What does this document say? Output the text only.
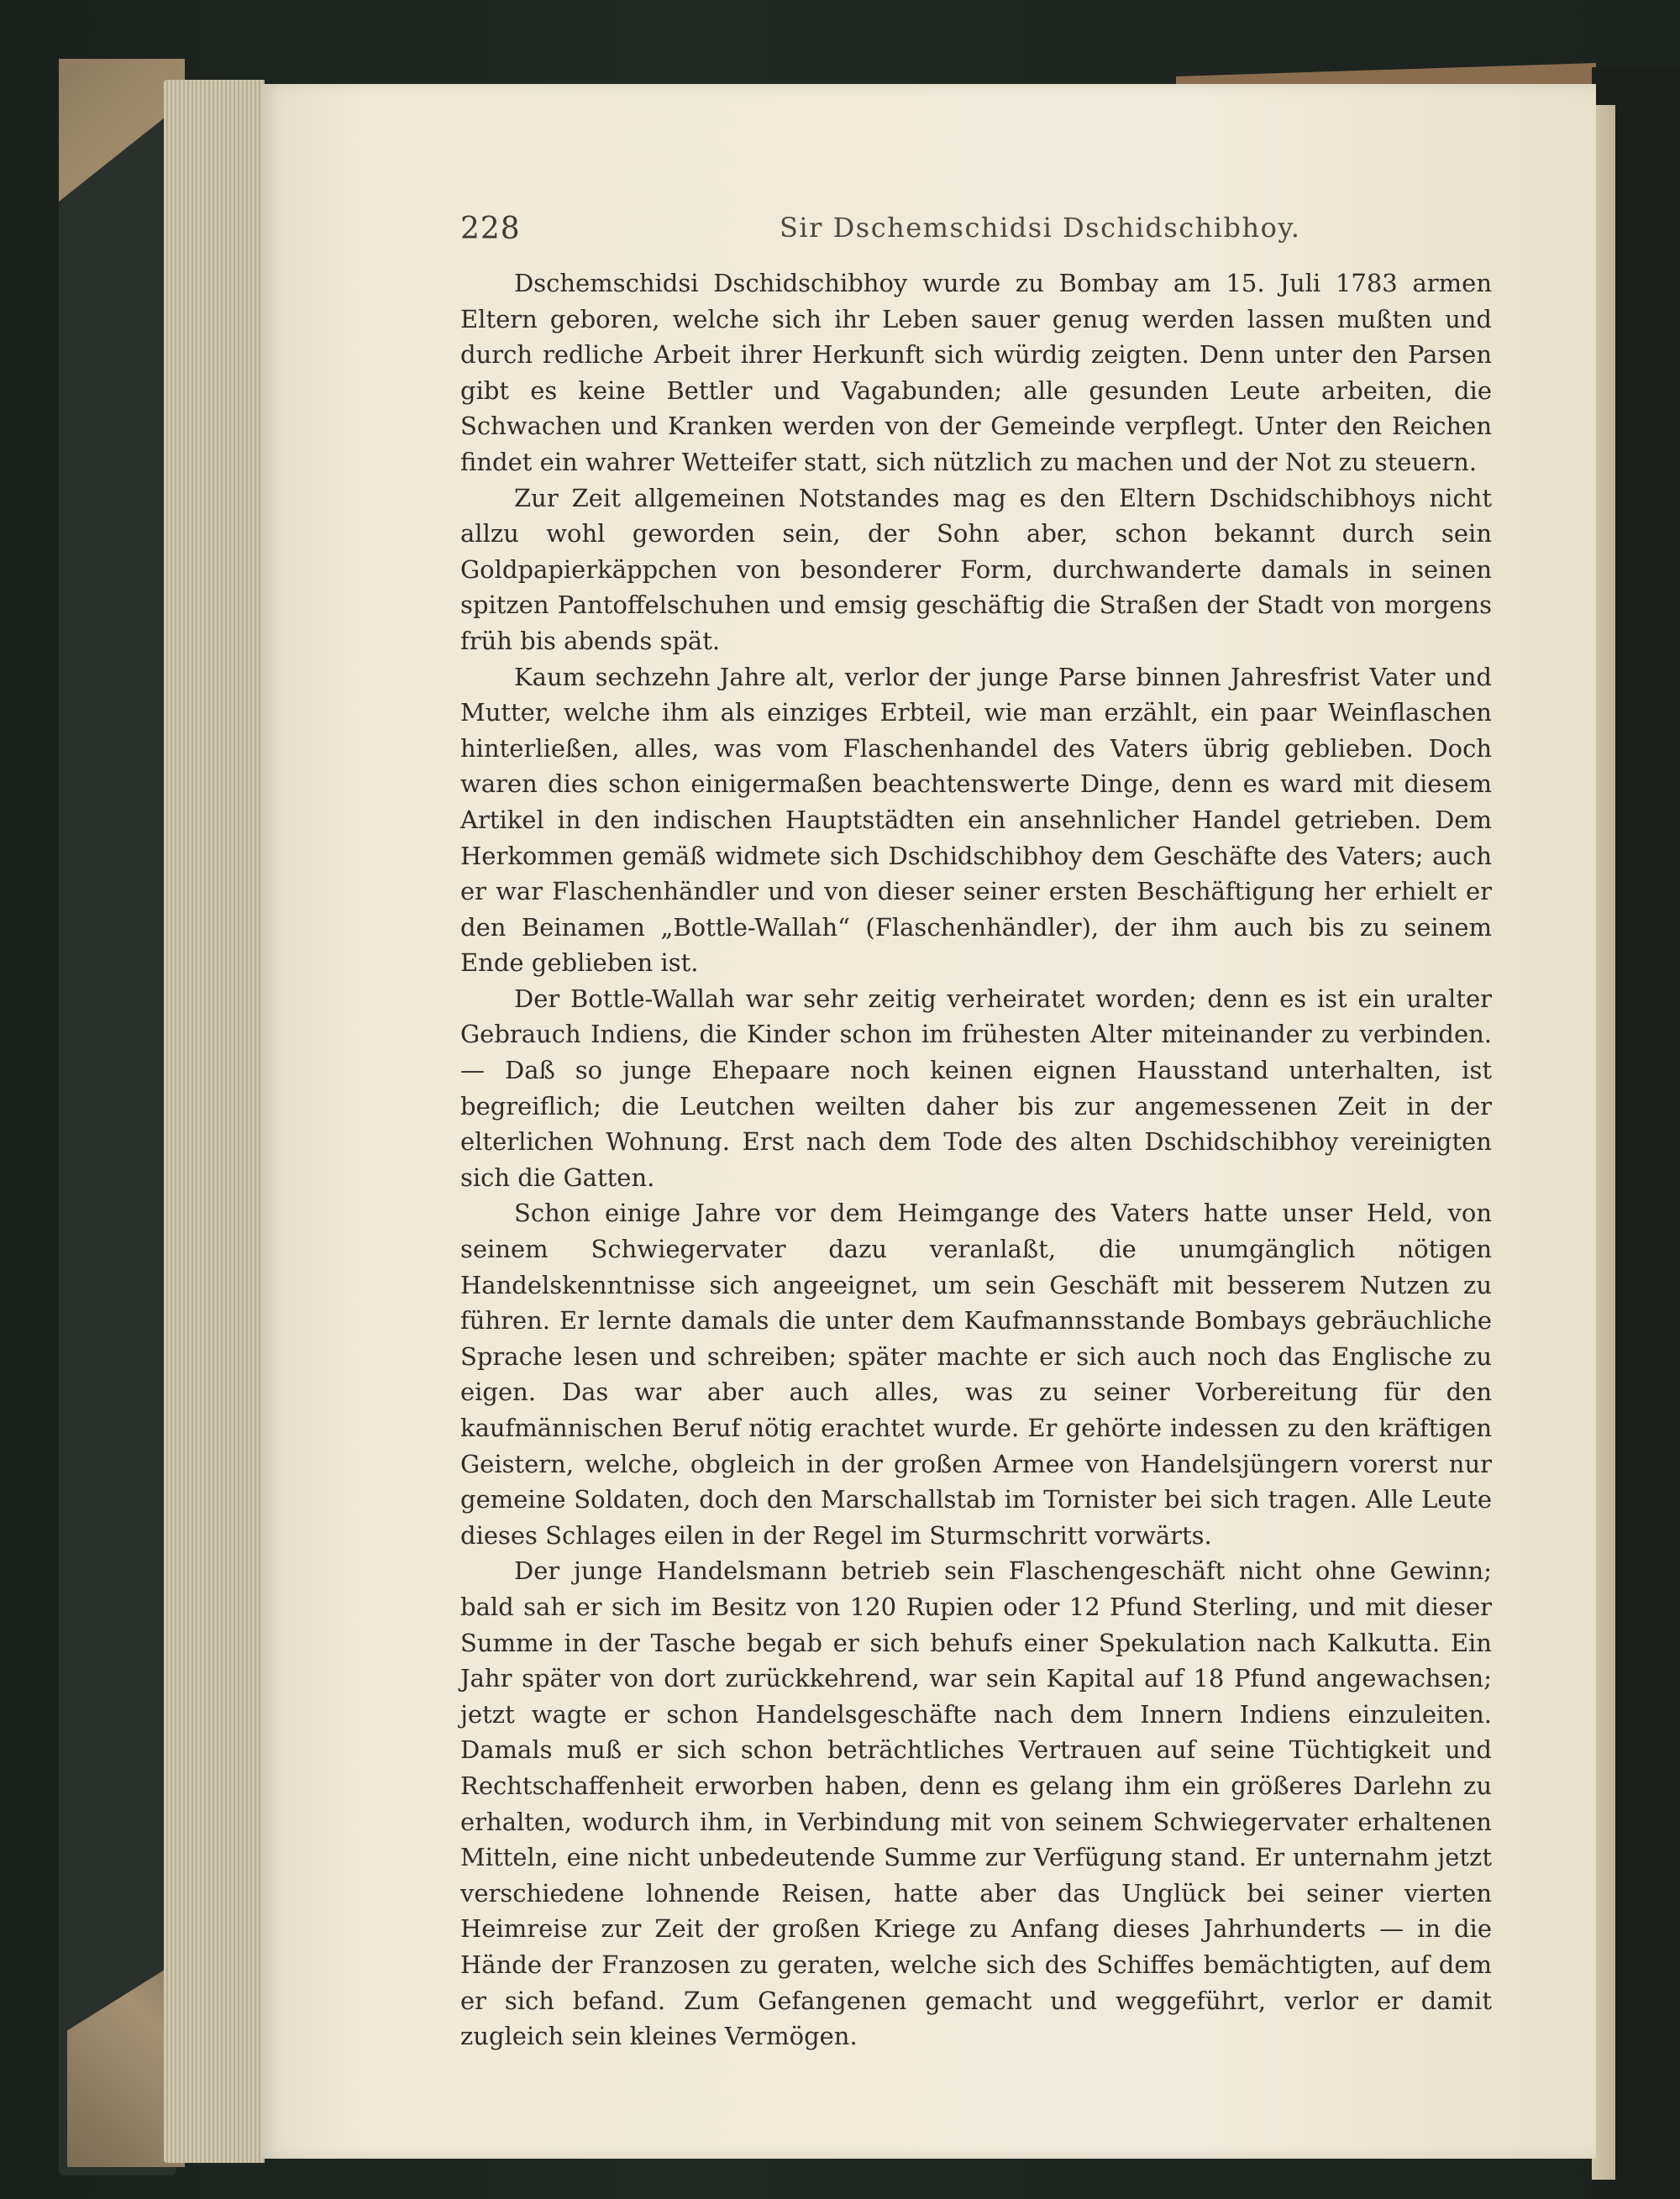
228	Sir Dschemschidsi Dschidschibhoy.

Dschemschidsi Dschidschibhoy wurde zu Bombay am 15. Juli 1783 armen Eltern geboren, welche sich ihr Leben sauer genug werden lassen mußten und durch redliche Arbeit ihrer Herkunft sich würdig zeigten. Denn unter den Parsen gibt es keine Bettler und Vagabunden; alle gesunden Leute arbeiten, die Schwachen und Kranken werden von der Gemeinde verpflegt. Unter den Reichen findet ein wahrer Wetteifer statt, sich nützlich zu machen und der Not zu steuern.

Zur Zeit allgemeinen Notstandes mag es den Eltern Dschidschibhoys nicht allzu wohl geworden sein, der Sohn aber, schon bekannt durch sein Goldpapierkäppchen von besonderer Form, durchwanderte damals in seinen spitzen Pantoffelschuhen und emsig geschäftig die Straßen der Stadt von morgens früh bis abends spät.

Kaum sechzehn Jahre alt, verlor der junge Parse binnen Jahresfrist Vater und Mutter, welche ihm als einziges Erbteil, wie man erzählt, ein paar Weinflaschen hinterließen, alles, was vom Flaschenhandel des Vaters übrig geblieben. Doch waren dies schon einigermaßen beachtenswerte Dinge, denn es ward mit diesem Artikel in den indischen Hauptstädten ein ansehnlicher Handel getrieben. Dem Herkommen gemäß widmete sich Dschidschibhoy dem Geschäfte des Vaters; auch er war Flaschenhändler und von dieser seiner ersten Beschäftigung her erhielt er den Beinamen „Bottle-Wallah“ (Flaschenhändler), der ihm auch bis zu seinem Ende geblieben ist.

Der Bottle-Wallah war sehr zeitig verheiratet worden; denn es ist ein uralter Gebrauch Indiens, die Kinder schon im frühesten Alter miteinander zu verbinden. — Daß so junge Ehepaare noch keinen eignen Hausstand unterhalten, ist begreiflich; die Leutchen weilten daher bis zur angemessenen Zeit in der elterlichen Wohnung. Erst nach dem Tode des alten Dschidschibhoy vereinigten sich die Gatten.

Schon einige Jahre vor dem Heimgange des Vaters hatte unser Held, von seinem Schwiegervater dazu veranlaßt, die unumgänglich nötigen Handelskenntnisse sich angeeignet, um sein Geschäft mit besserem Nutzen zu führen. Er lernte damals die unter dem Kaufmannsstande Bombays gebräuchliche Sprache lesen und schreiben; später machte er sich auch noch das Englische zu eigen. Das war aber auch alles, was zu seiner Vorbereitung für den kaufmännischen Beruf nötig erachtet wurde. Er gehörte indessen zu den kräftigen Geistern, welche, obgleich in der großen Armee von Handelsjüngern vorerst nur gemeine Soldaten, doch den Marschallstab im Tornister bei sich tragen. Alle Leute dieses Schlages eilen in der Regel im Sturmschritt vorwärts.

Der junge Handelsmann betrieb sein Flaschengeschäft nicht ohne Gewinn; bald sah er sich im Besitz von 120 Rupien oder 12 Pfund Sterling, und mit dieser Summe in der Tasche begab er sich behufs einer Spekulation nach Kalkutta. Ein Jahr später von dort zurückkehrend, war sein Kapital auf 18 Pfund angewachsen; jetzt wagte er schon Handelsgeschäfte nach dem Innern Indiens einzuleiten. Damals muß er sich schon beträchtliches Vertrauen auf seine Tüchtigkeit und Rechtschaffenheit erworben haben, denn es gelang ihm ein größeres Darlehn zu erhalten, wodurch ihm, in Verbindung mit von seinem Schwiegervater erhaltenen Mitteln, eine nicht unbedeutende Summe zur Verfügung stand. Er unternahm jetzt verschiedene lohnende Reisen, hatte aber das Unglück bei seiner vierten Heimreise zur Zeit der großen Kriege zu Anfang dieses Jahrhunderts — in die Hände der Franzosen zu geraten, welche sich des Schiffes bemächtigten, auf dem er sich befand. Zum Gefangenen gemacht und weggeführt, verlor er damit zugleich sein kleines Vermögen.
